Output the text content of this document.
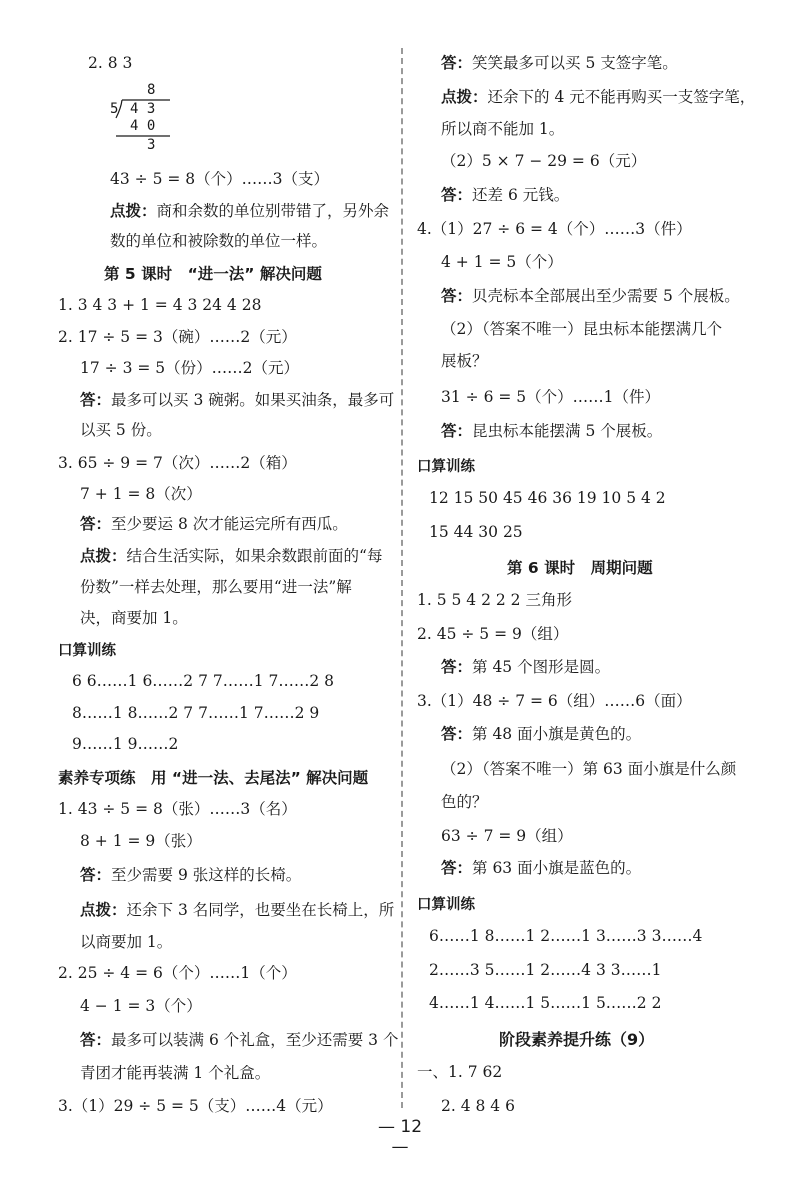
2. 8 3
8
5 4 3
4 0
3
43 ÷ 5 = 8（个）……3（支）
点拨：商和余数的单位别带错了，另外余
数的单位和被除数的单位一样。
第 5 课时　“进一法” 解决问题
1. 3 4 3 + 1 = 4 3 24 4 28
2. 17 ÷ 5 = 3（碗）……2（元）
17 ÷ 3 = 5（份）……2（元）
答：最多可以买 3 碗粥。如果买油条，最多可
以买 5 份。
3. 65 ÷ 9 = 7（次）……2（箱）
7 + 1 = 8（次）
答：至少要运 8 次才能运完所有西瓜。
点拨：结合生活实际，如果余数跟前面的“每
份数”一样去处理，那么要用“进一法”解
决，商要加 1。
口算训练
6 6……1 6……2 7 7……1 7……2 8
8……1 8……2 7 7……1 7……2 9
9……1 9……2
素养专项练　用 “进一法、去尾法” 解决问题
1. 43 ÷ 5 = 8（张）……3（名）
8 + 1 = 9（张）
答：至少需要 9 张这样的长椅。
点拨：还余下 3 名同学，也要坐在长椅上，所
以商要加 1。
2. 25 ÷ 4 = 6（个）……1（个）
4 − 1 = 3（个）
答：最多可以装满 6 个礼盒，至少还需要 3 个
青团才能再装满 1 个礼盒。
3.（1）29 ÷ 5 = 5（支）……4（元）
答：笑笑最多可以买 5 支签字笔。
点拨：还余下的 4 元不能再购买一支签字笔，
所以商不能加 1。
（2）5 × 7 − 29 = 6（元）
答：还差 6 元钱。
4.（1）27 ÷ 6 = 4（个）……3（件）
4 + 1 = 5（个）
答：贝壳标本全部展出至少需要 5 个展板。
（2）（答案不唯一）昆虫标本能摆满几个
展板？
31 ÷ 6 = 5（个）……1（件）
答：昆虫标本能摆满 5 个展板。
口算训练
12 15 50 45 46 36 19 10 5 4 2
15 44 30 25
第 6 课时　周期问题
1. 5 5 4 2 2 2 三角形
2. 45 ÷ 5 = 9（组）
答：第 45 个图形是圆。
3.（1）48 ÷ 7 = 6（组）……6（面）
答：第 48 面小旗是黄色的。
（2）（答案不唯一）第 63 面小旗是什么颜
色的？
63 ÷ 7 = 9（组）
答：第 63 面小旗是蓝色的。
口算训练
6……1 8……1 2……1 3……3 3……4
2……3 5……1 2……4 3 3……1
4……1 4……1 5……1 5……2 2
阶段素养提升练（9）
一、1. 7 62
2. 4 8 4 6
— 12 —
